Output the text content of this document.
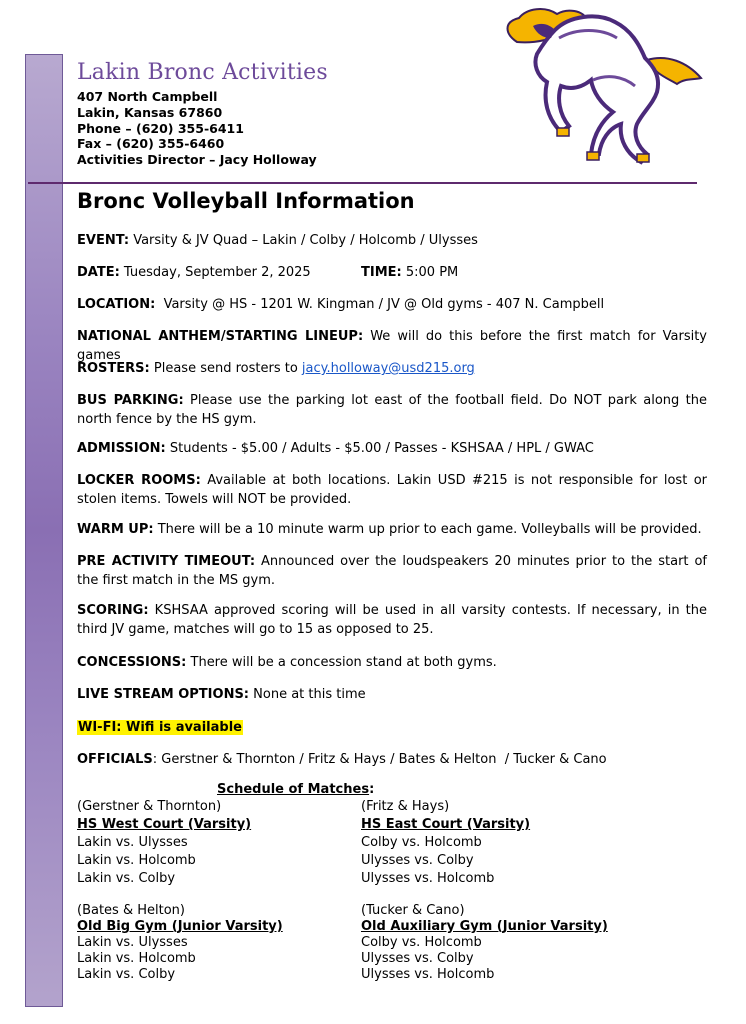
Lakin Bronc Activities
407 North Campbell
Lakin, Kansas 67860
Phone – (620) 355-6411
Fax – (620) 355-6460
Activities Director – Jacy Holloway
Bronc Volleyball Information

EVENT: Varsity & JV Quad – Lakin / Colby / Holcomb / Ulysses

DATE: Tuesday, September 2, 2025	TIME: 5:00 PM

LOCATION:  Varsity @ HS - 1201 W. Kingman / JV @ Old gyms - 407 N. Campbell

NATIONAL ANTHEM/STARTING LINEUP: We will do this before the first match for Varsity games

ROSTERS: Please send rosters to jacy.holloway@usd215.org

BUS PARKING: Please use the parking lot east of the football field. Do NOT park along the north fence by the HS gym.

ADMISSION: Students - $5.00 / Adults - $5.00 / Passes - KSHSAA / HPL / GWAC

LOCKER ROOMS: Available at both locations. Lakin USD #215 is not responsible for lost or stolen items. Towels will NOT be provided.

WARM UP: There will be a 10 minute warm up prior to each game. Volleyballs will be provided.

PRE ACTIVITY TIMEOUT: Announced over the loudspeakers 20 minutes prior to the start of the first match in the MS gym.

SCORING: KSHSAA approved scoring will be used in all varsity contests. If necessary, in the third JV game, matches will go to 15 as opposed to 25.

CONCESSIONS: There will be a concession stand at both gyms.

LIVE STREAM OPTIONS: None at this time

WI-FI: Wifi is available

OFFICIALS: Gerstner & Thornton / Fritz & Hays / Bates & Helton  / Tucker & Cano

Schedule of Matches:
(Gerstner & Thornton)
HS West Court (Varsity)
Lakin vs. Ulysses
Lakin vs. Holcomb
Lakin vs. Colby
(Fritz & Hays)
HS East Court (Varsity)
Colby vs. Holcomb
Ulysses vs. Colby
Ulysses vs. Holcomb
(Bates & Helton)
Old Big Gym (Junior Varsity)
Lakin vs. Ulysses
Lakin vs. Holcomb
Lakin vs. Colby
(Tucker & Cano)
Old Auxiliary Gym (Junior Varsity)
Colby vs. Holcomb
Ulysses vs. Colby
Ulysses vs. Holcomb
